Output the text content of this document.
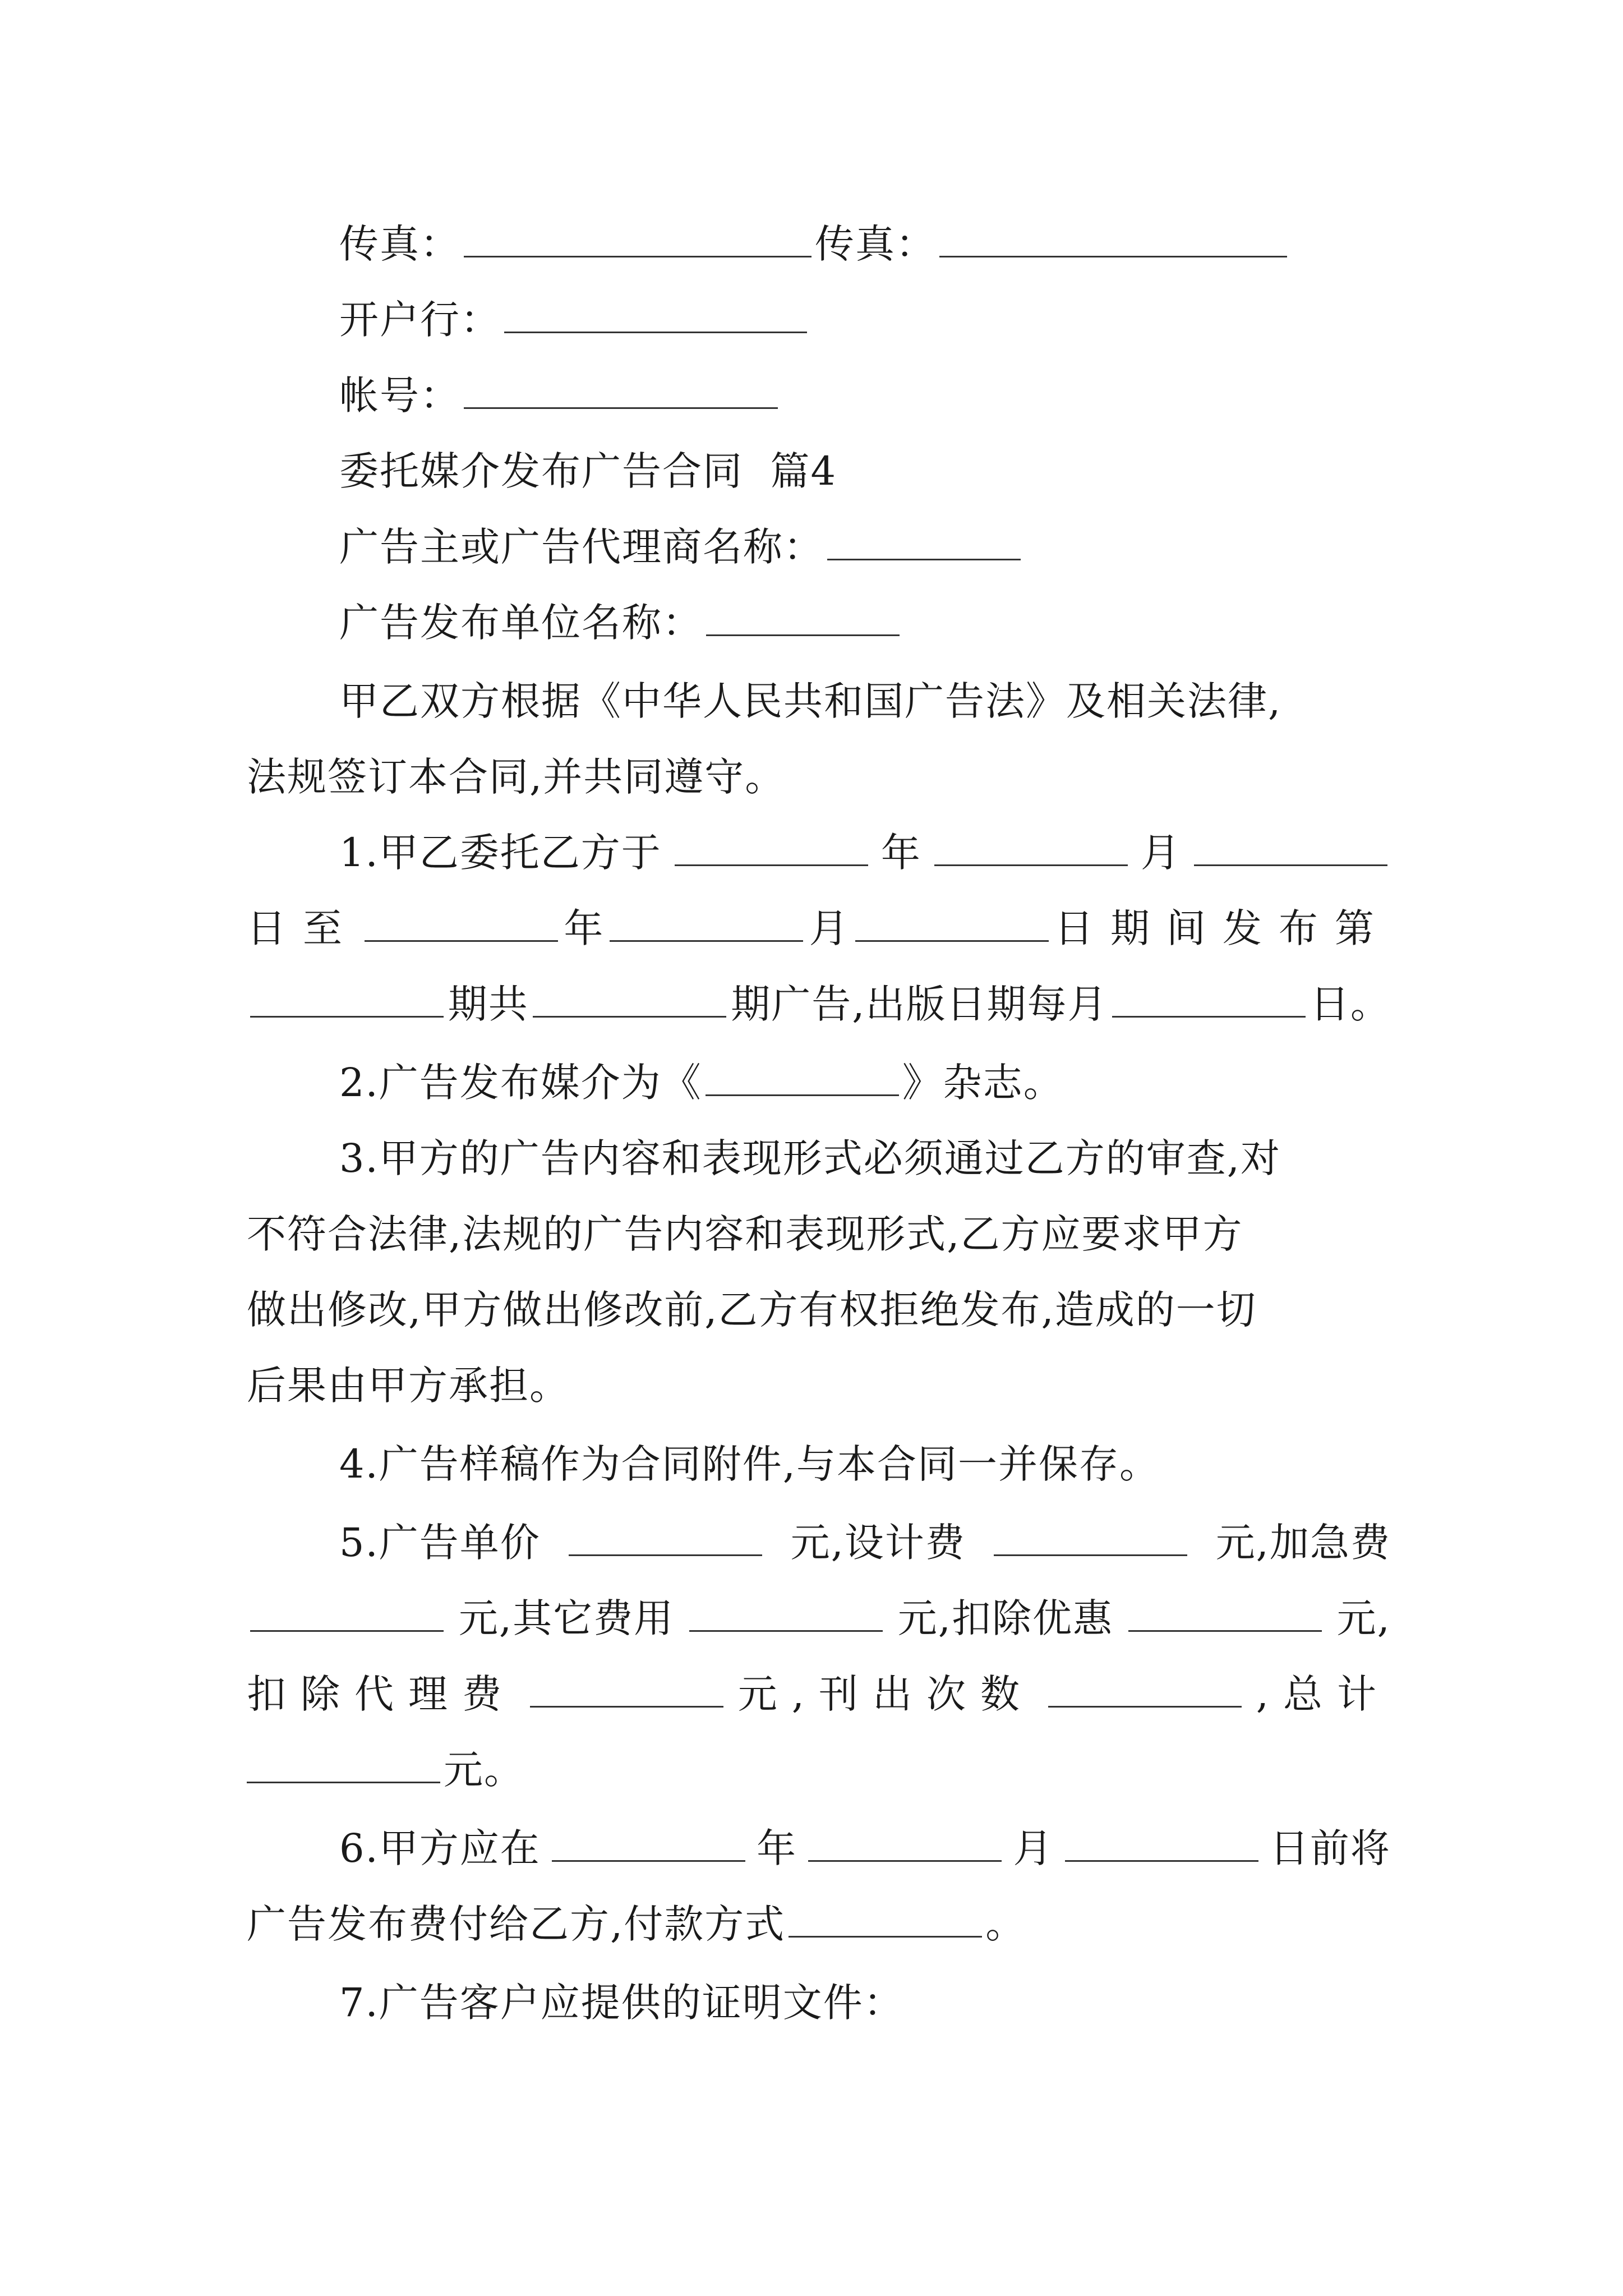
传真：	传真：
开户行：
帐号：
委托媒介发布广告合同  篇4
广告主或广告代理商名称：
广告发布单位名称：
甲乙双方根据《中华人民共和国广告法》及相关法律,
法规签订本合同,并共同遵守。
1.甲乙委托乙方于	年	月
日至	年	月	日期间发布第
期共	期广告,出版日期每月	日。
2.广告发布媒介为《	》杂志。
3.甲方的广告内容和表现形式必须通过乙方的审查,对
不符合法律,法规的广告内容和表现形式,乙方应要求甲方
做出修改,甲方做出修改前,乙方有权拒绝发布,造成的一切
后果由甲方承担。
4.广告样稿作为合同附件,与本合同一并保存。
5.广告单价	元,设计费	元,加急费
元,其它费用	元,扣除优惠	元,
扣除代理费	元,刊出次数	,总计
元。
6.甲方应在	年	月	日前将
广告发布费付给乙方,付款方式	。
7.广告客户应提供的证明文件：
